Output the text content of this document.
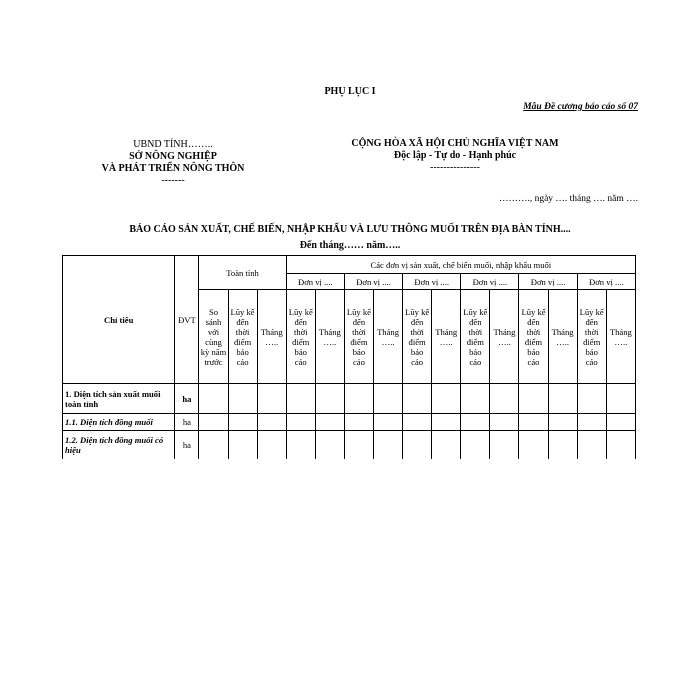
PHỤ LỤC I
Mẫu Đề cương báo cáo số 07
UBND TỈNH……..
SỞ NÔNG NGHIỆP
VÀ PHÁT TRIỂN NÔNG THÔN
-------
CỘNG HÒA XÃ HỘI CHỦ NGHĨA VIỆT NAM
Độc lập - Tự do - Hạnh phúc
---------------
………., ngày …. tháng …. năm ….
BÁO CÁO SẢN XUẤT, CHẾ BIẾN, NHẬP KHẨU VÀ LƯU THÔNG MUỐI TRÊN ĐỊA BÀN TỈNH....
Đến tháng…… năm…..
Chỉ tiêu	ĐVT	Toàn tỉnh			Các đơn vị sản xuất, chế biến muối, nhập khẩu muối											
					Đơn vị ....		Đơn vị ....		Đơn vị ....		Đơn vị ....		Đơn vị ....		Đơn vị ....	
		So sánh với cùng kỳ năm trước	Lũy kế đến thời điểm báo cáo	Tháng …..	Lũy kế đến thời điểm báo cáo	Tháng …..	Lũy kế đến thời điểm báo cáo	Tháng …..	Lũy kế đến thời điểm báo cáo	Tháng …..	Lũy kế đến thời điểm báo cáo	Tháng …..	Lũy kế đến thời điểm báo cáo	Tháng …..	Lũy kế đến thời điểm báo cáo	Tháng …..

1. Diện tích sản xuất muối toàn tỉnh	ha															
1.1. Diện tích đồng muối	ha															
1.2. Diện tích đồng muối có hiệu	ha															
